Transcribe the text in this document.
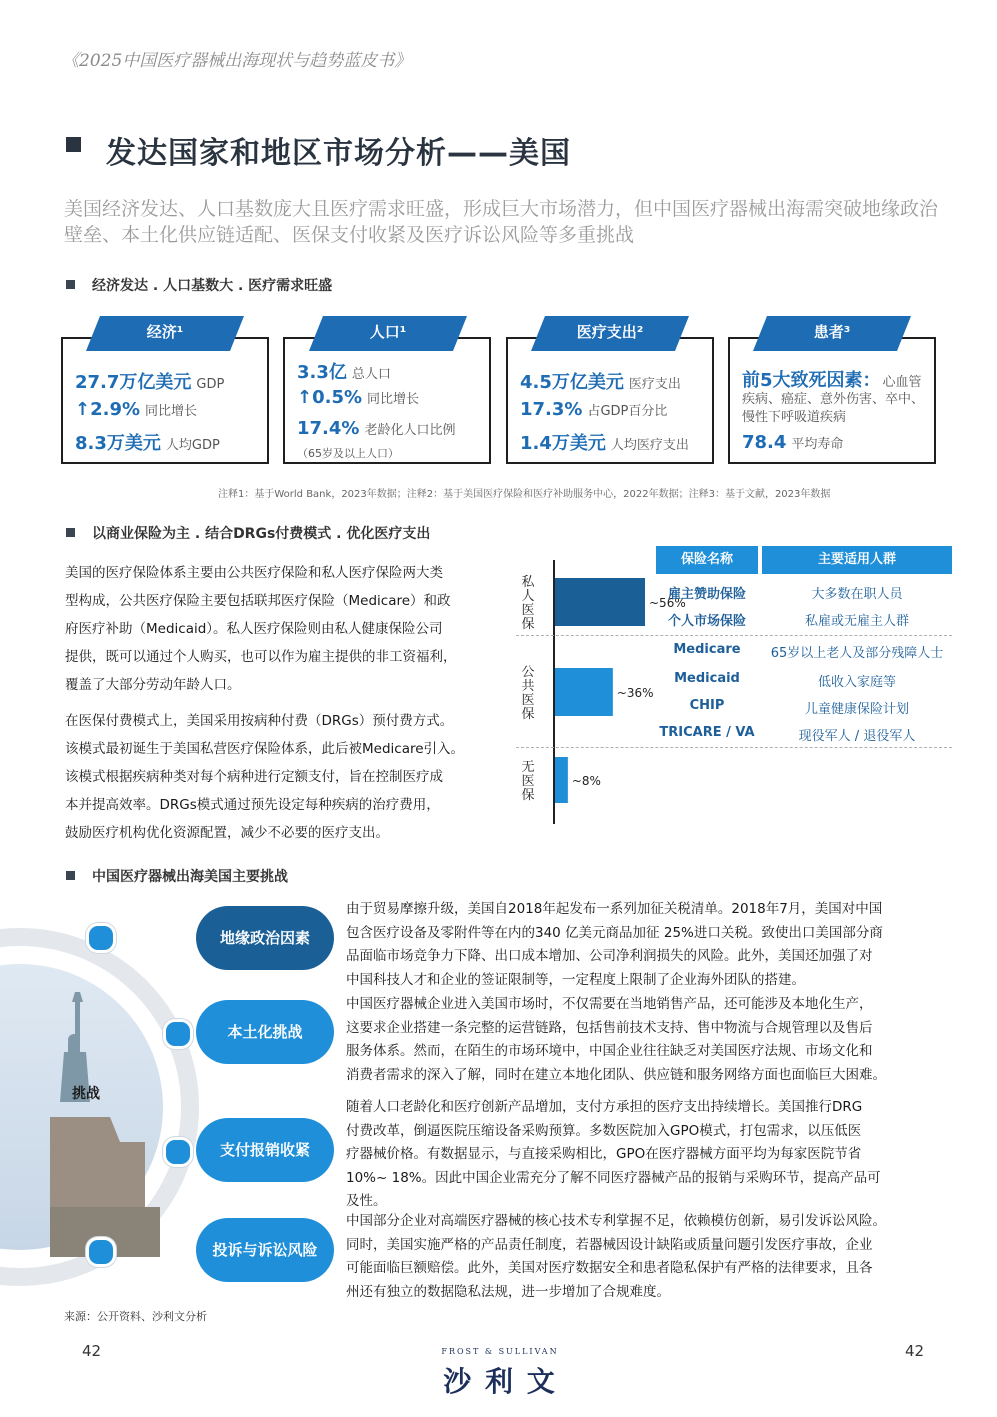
《2025中国医疗器械出海现状与趋势蓝皮书》
发达国家和地区市场分析——美国
美国经济发达、人口基数庞大且医疗需求旺盛，形成巨大市场潜力，但中国医疗器械出海需突破地缘政治壁垒、本土化供应链适配、医保支付收紧及医疗诉讼风险等多重挑战
经济发达 . 人口基数大 . 医疗需求旺盛
27.7万亿美元 GDP
↑2.9% 同比增长
8.3万美元 人均GDP
经济¹
3.3亿 总人口
↑0.5% 同比增长
17.4% 老龄化人口比例
（65岁及以上人口）
人口¹
4.5万亿美元 医疗支出
17.3% 占GDP百分比
1.4万美元 人均医疗支出
医疗支出²
前5大致死因素： 心血管
疾病、癌症、意外伤害、卒中、
慢性下呼吸道疾病
78.4 平均寿命
患者³
注释1：基于World Bank，2023年数据；注释2：基于美国医疗保险和医疗补助服务中心，2022年数据；注释3：基于文献，2023年数据
以商业保险为主 . 结合DRGs付费模式 . 优化医疗支出
美国的医疗保险体系主要由公共医疗保险和私人医疗保险两大类
型构成，公共医疗保险主要包括联邦医疗保险（Medicare）和政
府医疗补助（Medicaid）。私人医疗保险则由私人健康保险公司
提供，既可以通过个人购买，也可以作为雇主提供的非工资福利，
覆盖了大部分劳动年龄人口。
在医保付费模式上，美国采用按病种付费（DRGs）预付费方式。
该模式最初诞生于美国私营医疗保险体系，此后被Medicare引入。
该模式根据疾病种类对每个病种进行定额支付，旨在控制医疗成
本并提高效率。DRGs模式通过预先设定每种疾病的治疗费用，
鼓励医疗机构优化资源配置，减少不必要的医疗支出。
~56%
私
人
医
保
~36%
公
共
医
保
~8%
无
医
保
保险名称	主要适用人群
雇主赞助保险	大多数在职人员
个人市场保险	私雇或无雇主人群
Medicare	65岁以上老人及部分残障人士
Medicaid	低收入家庭等
CHIP	儿童健康保险计划
TRICARE / VA	现役军人 / 退役军人
中国医疗器械出海美国主要挑战
挑战
地缘政治因素
本土化挑战
支付报销收紧
投诉与诉讼风险
由于贸易摩擦升级，美国自2018年起发布一系列加征关税清单。2018年7月，美国对中国
包含医疗设备及零附件等在内的340 亿美元商品加征 25%进口关税。致使出口美国部分商
品面临市场竞争力下降、出口成本增加、公司净利润损失的风险。此外，美国还加强了对
中国科技人才和企业的签证限制等，一定程度上限制了企业海外团队的搭建。
中国医疗器械企业进入美国市场时，不仅需要在当地销售产品，还可能涉及本地化生产，
这要求企业搭建一条完整的运营链路，包括售前技术支持、售中物流与合规管理以及售后
服务体系。然而，在陌生的市场环境中，中国企业往往缺乏对美国医疗法规、市场文化和
消费者需求的深入了解，同时在建立本地化团队、供应链和服务网络方面也面临巨大困难。
随着人口老龄化和医疗创新产品增加，支付方承担的医疗支出持续增长。美国推行DRG
付费改革，倒逼医院压缩设备采购预算。多数医院加入GPO模式，打包需求，以压低医
疗器械价格。有数据显示，与直接采购相比，GPO在医疗器械方面平均为每家医院节省
10%~ 18%。因此中国企业需充分了解不同医疗器械产品的报销与采购环节，提高产品可
及性。
中国部分企业对高端医疗器械的核心技术专利掌握不足，依赖模仿创新，易引发诉讼风险。
同时，美国实施严格的产品责任制度，若器械因设计缺陷或质量问题引发医疗事故，企业
可能面临巨额赔偿。此外，美国对医疗数据安全和患者隐私保护有严格的法律要求，且各
州还有独立的数据隐私法规，进一步增加了合规难度。
来源：公开资料、沙利文分析
42	42
FROST & SULLIVAN
沙 利 文
